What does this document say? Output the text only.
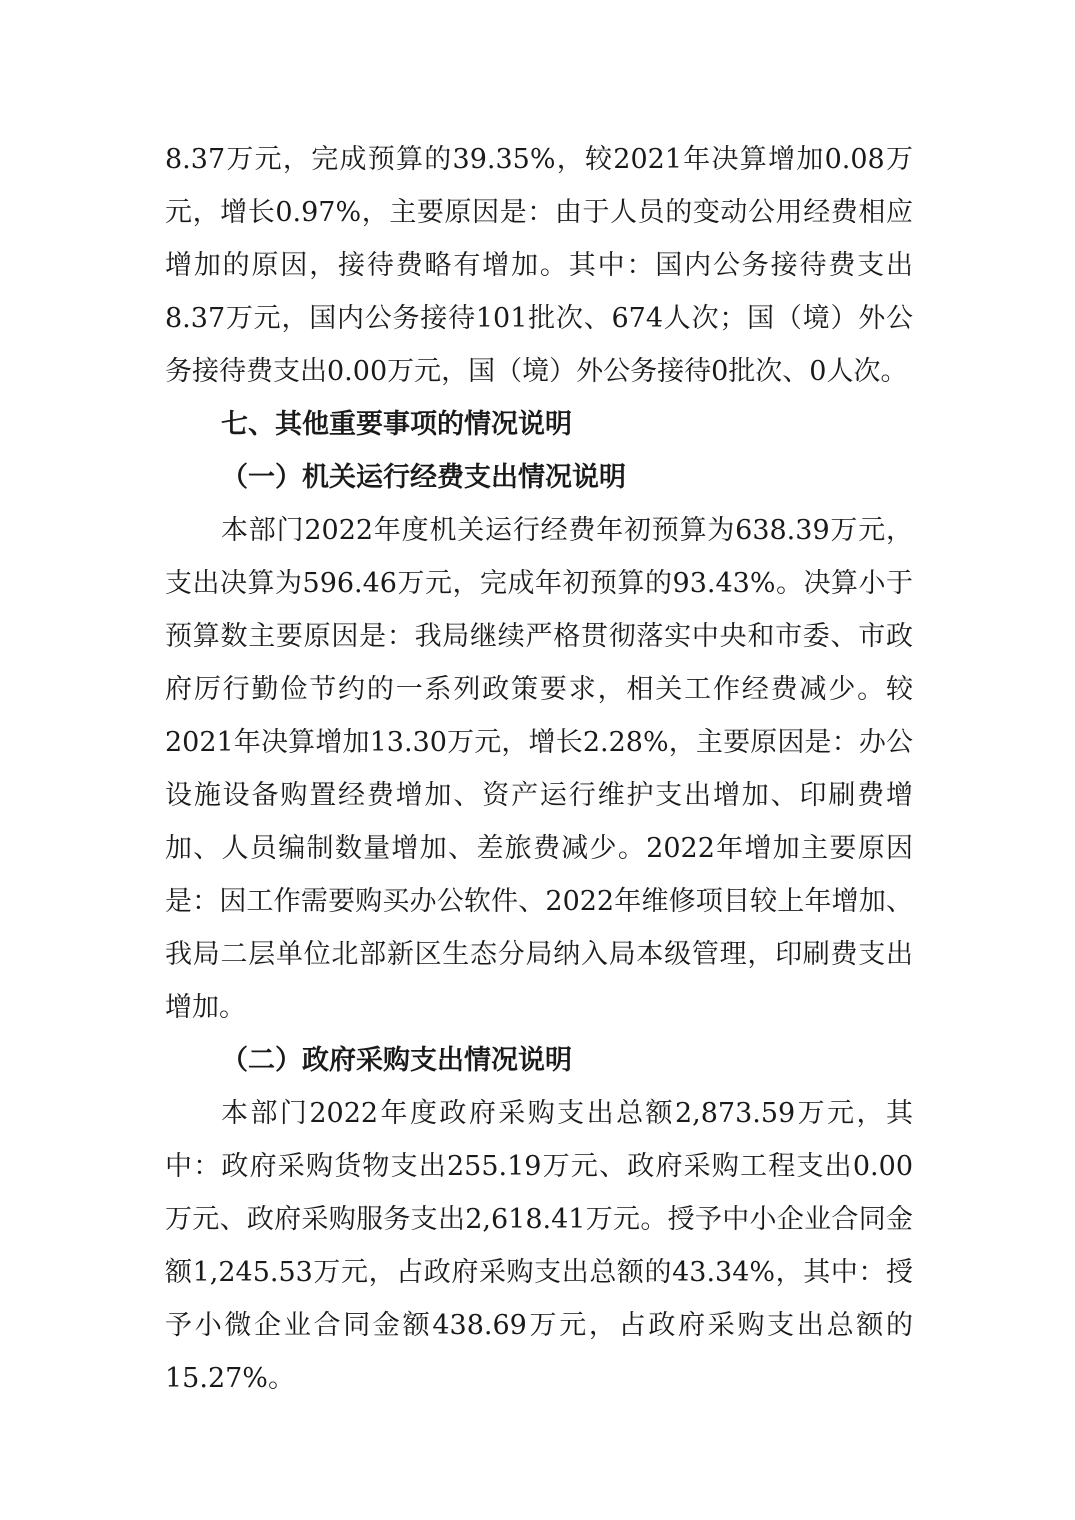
8.37万元，完成预算的39.35%，较2021年决算增加0.08万元，增长0.97%，主要原因是：由于人员的变动公用经费相应增加的原因，接待费略有增加。其中：国内公务接待费支出8.37万元，国内公务接待101批次、674人次；国（境）外公务接待费支出0.00万元，国（境）外公务接待0批次、0人次。

七、其他重要事项的情况说明

（一）机关运行经费支出情况说明

本部门2022年度机关运行经费年初预算为638.39万元，支出决算为596.46万元，完成年初预算的93.43%。决算小于预算数主要原因是：我局继续严格贯彻落实中央和市委、市政府厉行勤俭节约的一系列政策要求，相关工作经费减少。较2021年决算增加13.30万元，增长2.28%，主要原因是：办公设施设备购置经费增加、资产运行维护支出增加、印刷费增加、人员编制数量增加、差旅费减少。2022年增加主要原因是：因工作需要购买办公软件、2022年维修项目较上年增加、我局二层单位北部新区生态分局纳入局本级管理，印刷费支出增加。

（二）政府采购支出情况说明

本部门2022年度政府采购支出总额2,873.59万元，其中：政府采购货物支出255.19万元、政府采购工程支出0.00万元、政府采购服务支出2,618.41万元。授予中小企业合同金额1,245.53万元，占政府采购支出总额的43.34%，其中：授予小微企业合同金额438.69万元，占政府采购支出总额的15.27%。
